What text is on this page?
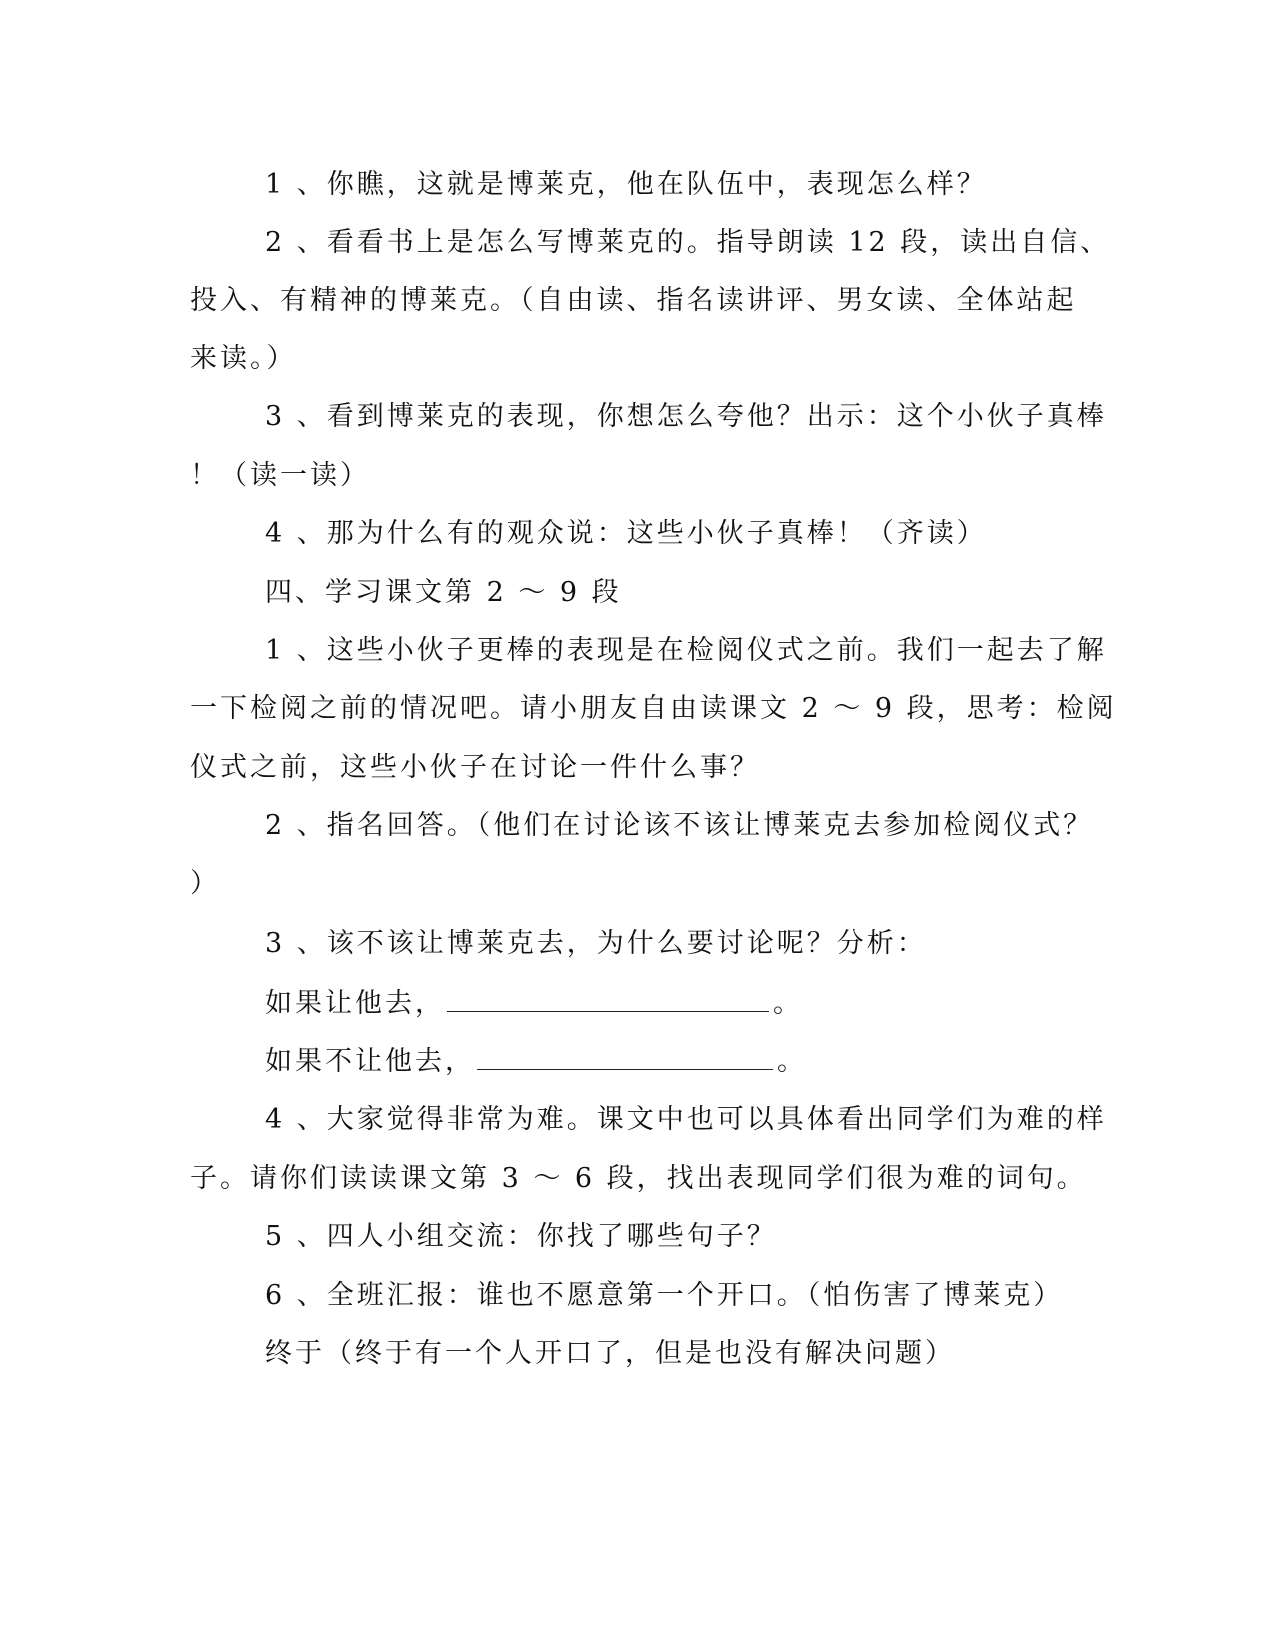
1 、你瞧，这就是博莱克，他在队伍中，表现怎么样？
2 、看看书上是怎么写博莱克的。指导朗读 12 段，读出自信、
投入、有精神的博莱克。（自由读、指名读讲评、男女读、全体站起
来读。）
3 、看到博莱克的表现，你想怎么夸他？出示：这个小伙子真棒
！（读一读）
4 、那为什么有的观众说：这些小伙子真棒！（齐读）
四、学习课文第 2 ～ 9 段
1 、这些小伙子更棒的表现是在检阅仪式之前。我们一起去了解
一下检阅之前的情况吧。请小朋友自由读课文 2 ～ 9 段，思考：检阅
仪式之前，这些小伙子在讨论一件什么事？
2 、指名回答。（他们在讨论该不该让博莱克去参加检阅仪式？
）
3 、该不该让博莱克去，为什么要讨论呢？分析：
如果让他去，	。
如果不让他去，	。
4 、大家觉得非常为难。课文中也可以具体看出同学们为难的样
子。请你们读读课文第 3 ～ 6 段，找出表现同学们很为难的词句。
5 、四人小组交流：你找了哪些句子？
6 、全班汇报：谁也不愿意第一个开口。（怕伤害了博莱克）
终于（终于有一个人开口了，但是也没有解决问题）
